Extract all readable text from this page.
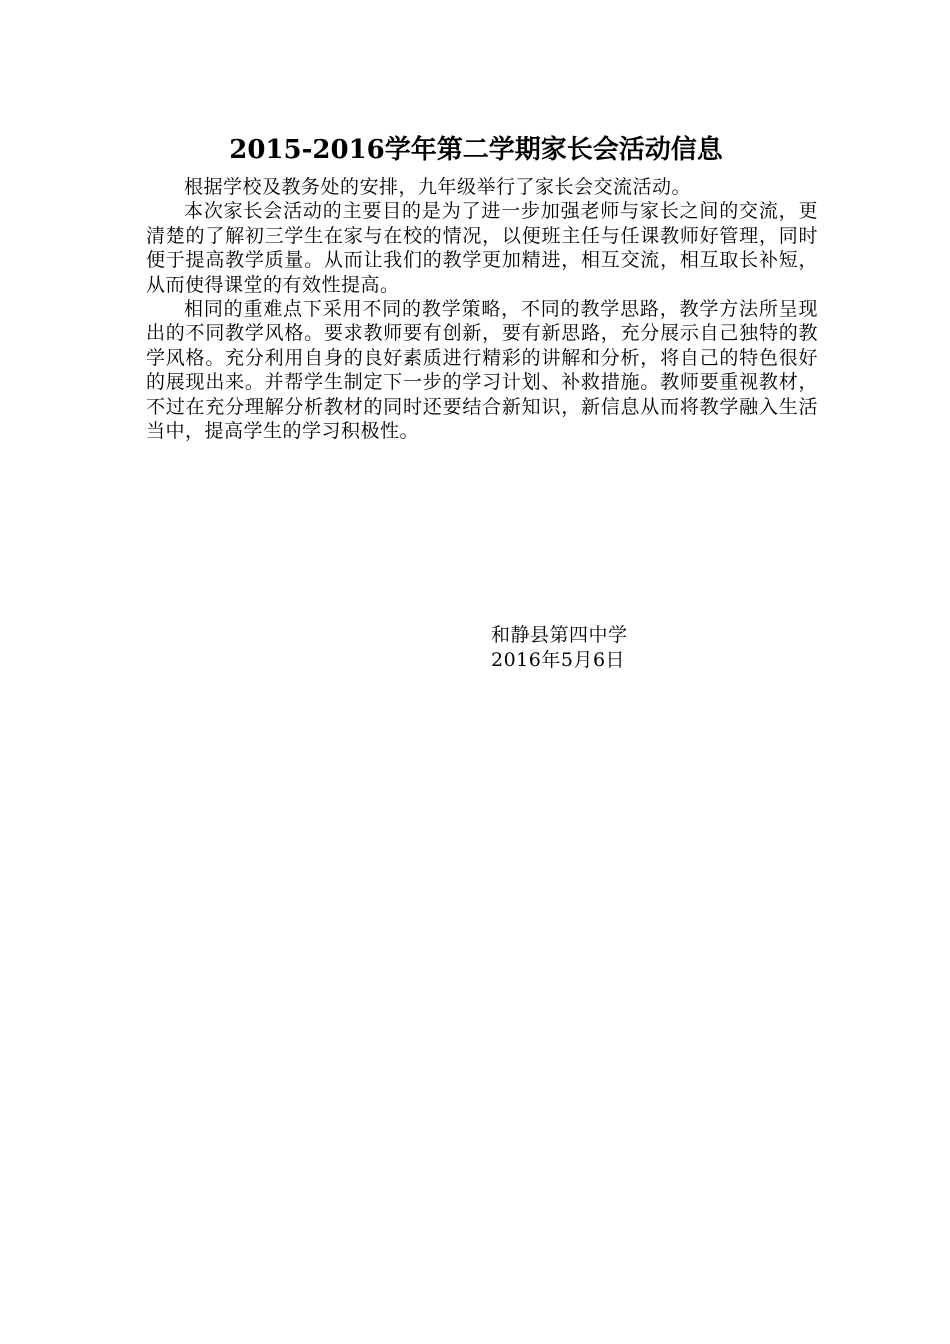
2015-2016学年第二学期家长会活动信息

根据学校及教务处的安排，九年级举行了家长会交流活动。

本次家长会活动的主要目的是为了进一步加强老师与家长之间的交流，更清楚的了解初三学生在家与在校的情况，以便班主任与任课教师好管理，同时便于提高教学质量。从而让我们的教学更加精进，相互交流，相互取长补短，从而使得课堂的有效性提高。

相同的重难点下采用不同的教学策略，不同的教学思路，教学方法所呈现出的不同教学风格。要求教师要有创新，要有新思路，充分展示自己独特的教学风格。充分利用自身的良好素质进行精彩的讲解和分析，将自己的特色很好的展现出来。并帮学生制定下一步的学习计划、补救措施。教师要重视教材，不过在充分理解分析教材的同时还要结合新知识，新信息从而将教学融入生活当中，提高学生的学习积极性。

和静县第四中学
2016年5月6日
